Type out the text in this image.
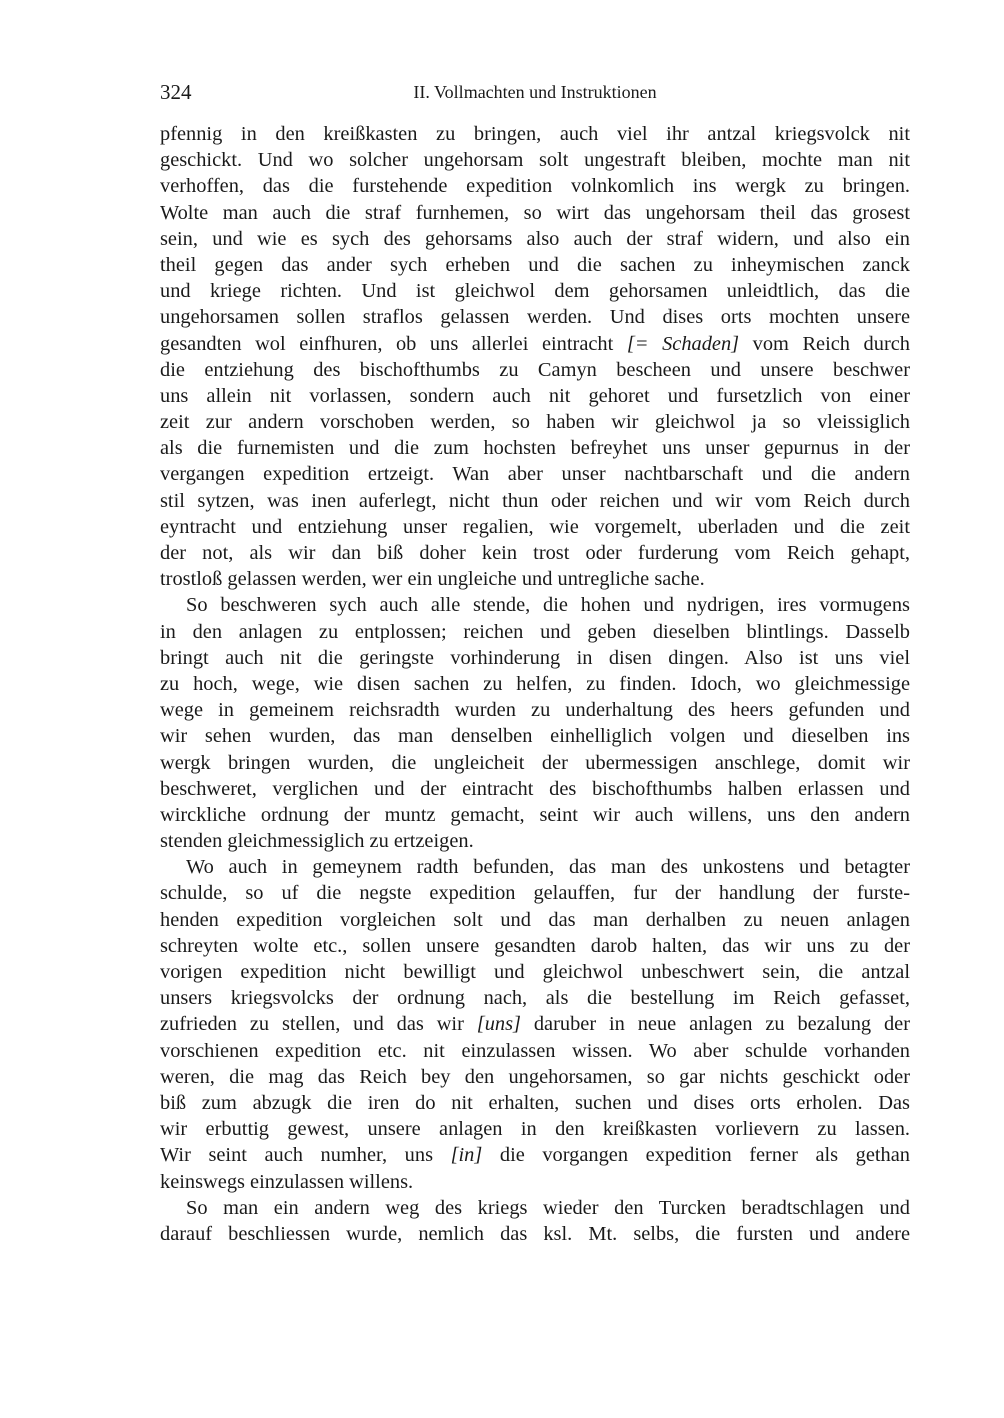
324	II. Vollmachten und Instruktionen
pfennig in den kreißkasten zu bringen, auch viel ihr antzal kriegsvolck nit
geschickt. Und wo solcher ungehorsam solt ungestraft bleiben, mochte man nit
verhoffen, das die furstehende expedition volnkomlich ins wergk zu bringen.
Wolte man auch die straf furnhemen, so wirt das ungehorsam theil das grosest
sein, und wie es sych des gehorsams also auch der straf widern, und also ein
theil gegen das ander sych erheben und die sachen zu inheymischen zanck
und kriege richten. Und ist gleichwol dem gehorsamen unleidtlich, das die
ungehorsamen sollen straflos gelassen werden. Und dises orts mochten unsere
gesandten wol einfhuren, ob uns allerlei eintracht [= Schaden] vom Reich durch
die entziehung des bischofthumbs zu Camyn bescheen und unsere beschwer
uns allein nit vorlassen, sondern auch nit gehoret und fursetzlich von einer
zeit zur andern vorschoben werden, so haben wir gleichwol ja so vleissiglich
als die furnemisten und die zum hochsten befreyhet uns unser gepurnus in der
vergangen expedition ertzeigt. Wan aber unser nachtbarschaft und die andern
stil sytzen, was inen auferlegt, nicht thun oder reichen und wir vom Reich durch
eyntracht und entziehung unser regalien, wie vorgemelt, uberladen und die zeit
der not, als wir dan biß doher kein trost oder furderung vom Reich gehapt,
trostloß gelassen werden, wer ein ungleiche und untregliche sache.
So beschweren sych auch alle stende, die hohen und nydrigen, ires vormugens
in den anlagen zu entplossen; reichen und geben dieselben blintlings. Dasselb
bringt auch nit die geringste vorhinderung in disen dingen. Also ist uns viel
zu hoch, wege, wie disen sachen zu helfen, zu finden. Idoch, wo gleichmessige
wege in gemeinem reichsradth wurden zu underhaltung des heers gefunden und
wir sehen wurden, das man denselben einhelliglich volgen und dieselben ins
wergk bringen wurden, die ungleicheit der ubermessigen anschlege, domit wir
beschweret, verglichen und der eintracht des bischofthumbs halben erlassen und
wirckliche ordnung der muntz gemacht, seint wir auch willens, uns den andern
stenden gleichmessiglich zu ertzeigen.
Wo auch in gemeynem radth befunden, das man des unkostens und betagter
schulde, so uf die negste expedition gelauffen, fur der handlung der furste-
henden expedition vorgleichen solt und das man derhalben zu neuen anlagen
schreyten wolte etc., sollen unsere gesandten darob halten, das wir uns zu der
vorigen expedition nicht bewilligt und gleichwol unbeschwert sein, die antzal
unsers kriegsvolcks der ordnung nach, als die bestellung im Reich gefasset,
zufrieden zu stellen, und das wir [uns] daruber in neue anlagen zu bezalung der
vorschienen expedition etc. nit einzulassen wissen. Wo aber schulde vorhanden
weren, die mag das Reich bey den ungehorsamen, so gar nichts geschickt oder
biß zum abzugk die iren do nit erhalten, suchen und dises orts erholen. Das
wir erbuttig gewest, unsere anlagen in den kreißkasten vorlievern zu lassen.
Wir seint auch numher, uns [in] die vorgangen expedition ferner als gethan
keinswegs einzulassen willens.
So man ein andern weg des kriegs wieder den Turcken beradtschlagen und
darauf beschliessen wurde, nemlich das ksl. Mt. selbs, die fursten und andere
